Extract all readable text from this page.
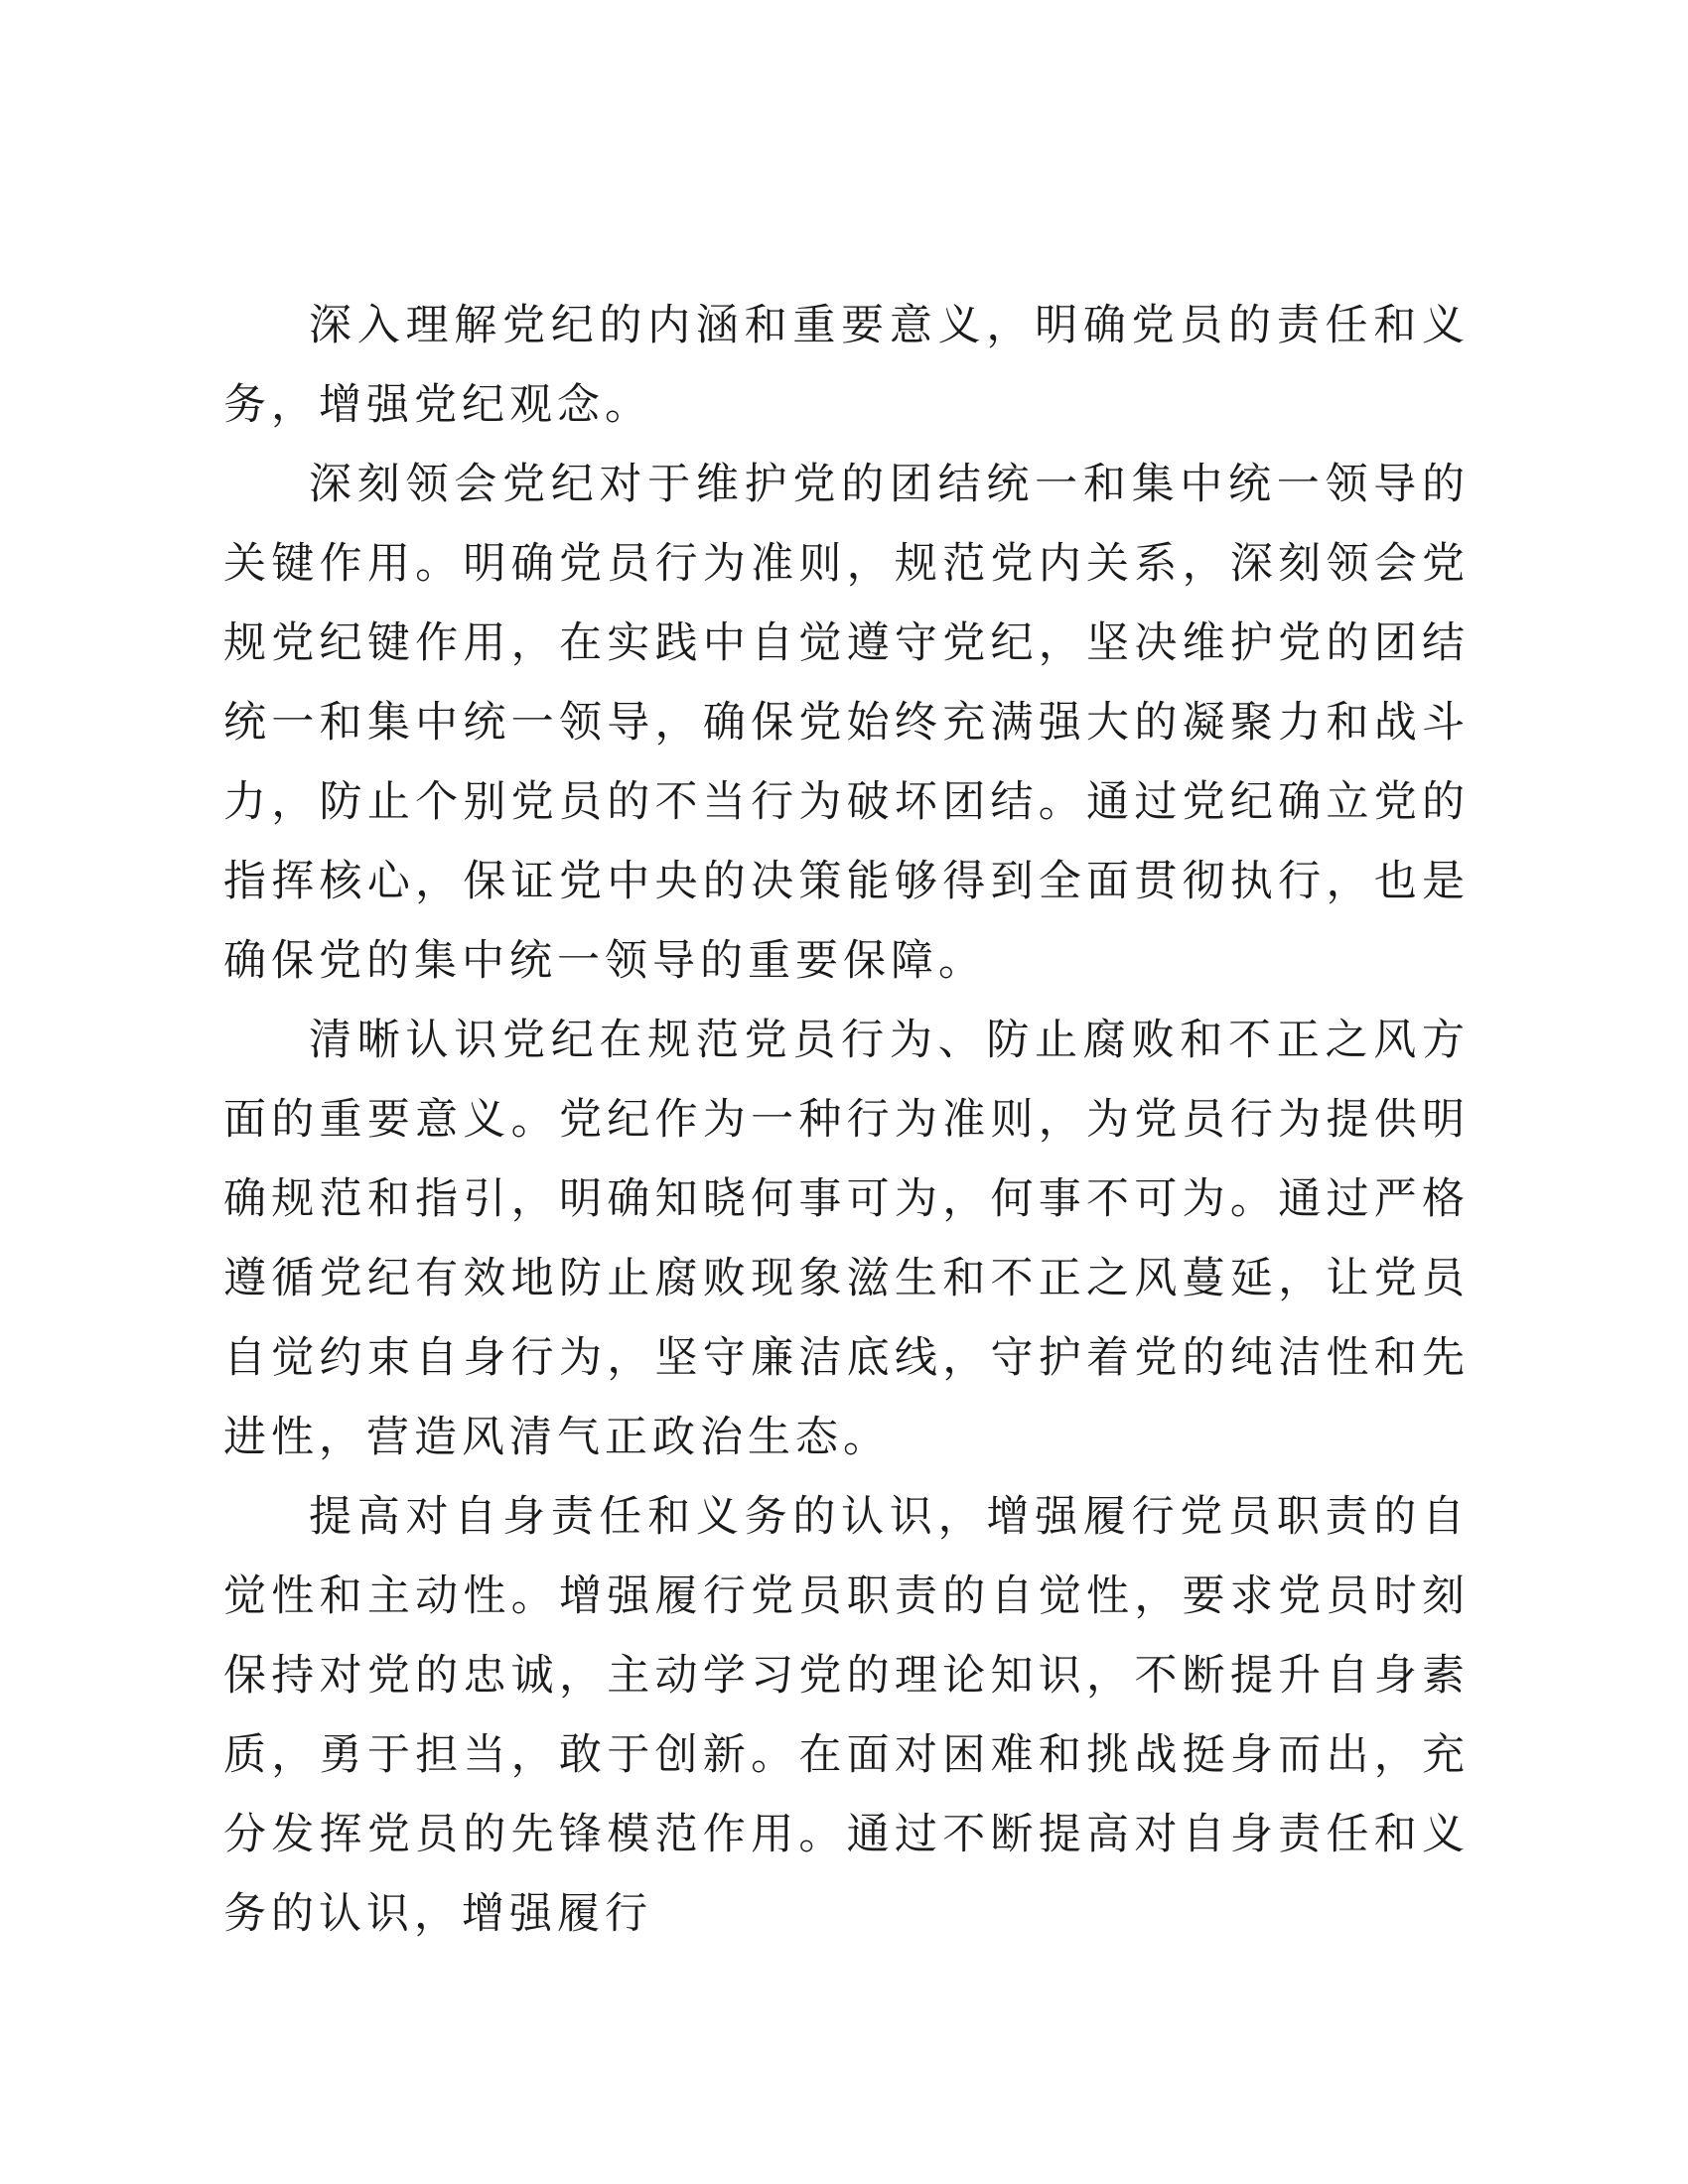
深入理解党纪的内涵和重要意义，明确党员的责任和义务，增强党纪观念。

深刻领会党纪对于维护党的团结统一和集中统一领导的关键作用。明确党员行为准则，规范党内关系，深刻领会党规党纪键作用，在实践中自觉遵守党纪，坚决维护党的团结统一和集中统一领导，确保党始终充满强大的凝聚力和战斗力，防止个别党员的不当行为破坏团结。通过党纪确立党的指挥核心，保证党中央的决策能够得到全面贯彻执行，也是确保党的集中统一领导的重要保障。

清晰认识党纪在规范党员行为、防止腐败和不正之风方面的重要意义。党纪作为一种行为准则，为党员行为提供明确规范和指引，明确知晓何事可为，何事不可为。通过严格遵循党纪有效地防止腐败现象滋生和不正之风蔓延，让党员自觉约束自身行为，坚守廉洁底线，守护着党的纯洁性和先进性，营造风清气正政治生态。

提高对自身责任和义务的认识，增强履行党员职责的自觉性和主动性。增强履行党员职责的自觉性，要求党员时刻保持对党的忠诚，主动学习党的理论知识，不断提升自身素质，勇于担当，敢于创新。在面对困难和挑战挺身而出，充分发挥党员的先锋模范作用。通过不断提高对自身责任和义务的认识，增强履行
